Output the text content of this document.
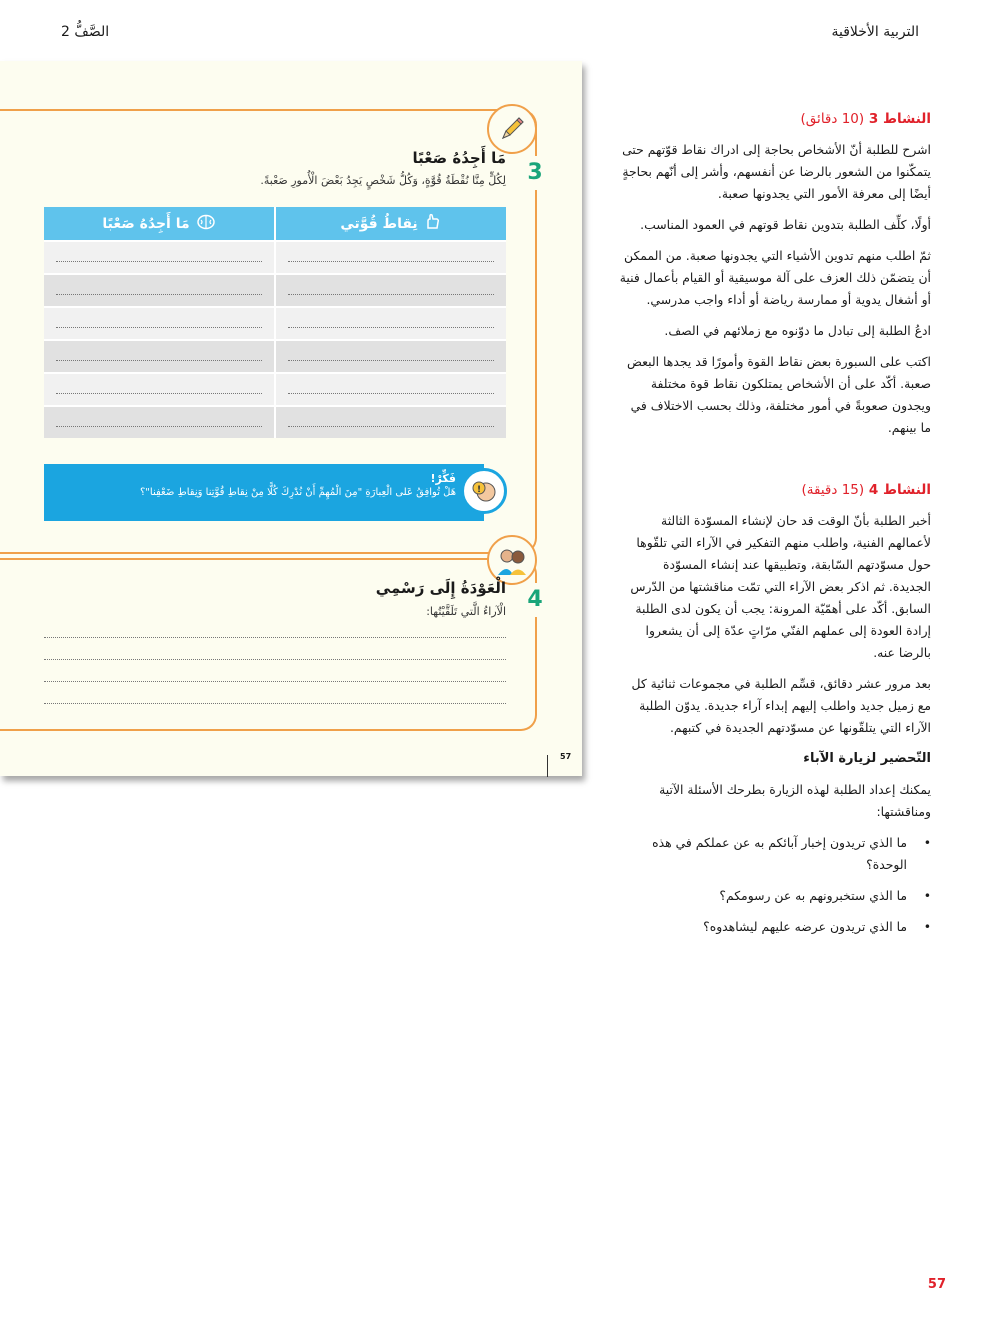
التربية الأخلاقية
الصَّفُّ 2
3
مَا أَجِدُهُ صَعْبًا
لِكُلٍّ مِنَّا نُقْطَةُ قُوَّةٍ، وَكُلُّ شَخْصٍ يَجِدُ بَعْضَ الْأُمورِ صَعْبةً.
نِقاطُ قُوَّتي
مَا أَجِدُهُ صَعْبًا
فَكِّرْ!
هَلْ تُوافِقُ عَلى الْعِبارَةِ "مِنَ الْمُهِمِّ أَنْ نُدْرِكَ كُلًّا مِنْ نِقاطِ قُوَّتِنا وَنِقاطِ ضَعْفِنا"؟ !
4
الْعَوْدَةُ إِلَى رَسْمِي
الْآراءُ الَّتي تَلَقَّيْتُها:
57
النشاط 3 (10 دقائق)

اشرح للطلبة أنّ الأشخاص بحاجة إلى ادراك نقاط قوّتهم حتى يتمكّنوا من الشعور بالرضا عن أنفسهم، وأشر إلى أنّهم بحاجةٍ أيضًا إلى معرفة الأمور التي يجدونها صعبة.

أولًا، كلِّف الطلبة بتدوين نقاط قوتهم في العمود المناسب.

ثمّ اطلب منهم تدوين الأشياء التي يجدونها صعبة. من الممكن أن يتضمّن ذلك العزف على آلة موسيقية أو القيام بأعمال فنية أو أشغال يدوية أو ممارسة رياضة أو أداء واجب مدرسي.

ادعُ الطلبة إلى تبادل ما دوّنوه مع زملائهم في الصف.

اكتب على السبورة بعض نقاط القوة وأمورًا قد يجدها البعض صعبة. أكّد على أن الأشخاص يمتلكون نقاط قوة مختلفة ويجدون صعوبةً في أمور مختلفة، وذلك بحسب الاختلاف في ما بينهم.

النشاط 4 (15 دقيقة)

أخبر الطلبة بأنّ الوقت قد حان لإنشاء المسوّدة الثالثة لأعمالهم الفنية، واطلب منهم التفكير في الآراء التي تلقّوها حول مسوّدتهم السّابقة، وتطبيقها عند إنشاء المسوّدة الجديدة. ثم اذكر بعض الآراء التي تمّت مناقشتها من الدّرس السابق. أكّد على أهمّيّة المرونة: يجب أن يكون لدى الطلبة إرادة العودة إلى عملهم الفنّي مرّاتٍ عدّة إلى أن يشعروا بالرضا عنه.

بعد مرور عشر دقائق، قسِّم الطلبة في مجموعات ثنائية كل مع زميل جديد واطلب إليهم إبداء آراء جديدة. يدوّن الطلبة الآراء التي يتلقّونها عن مسوّدتهم الجديدة في كتبهم.

التّحضير لزيارة الآباء

يمكنك إعداد الطلبة لهذه الزيارة بطرحك الأسئلة الآتية ومناقشتها:

• ما الذي تريدون إخبار آبائكم به عن عملكم في هذه الوحدة؟
• ما الذي ستخبرونهم به عن رسومكم؟
• ما الذي تريدون عرضه عليهم ليشاهدوه؟
57
